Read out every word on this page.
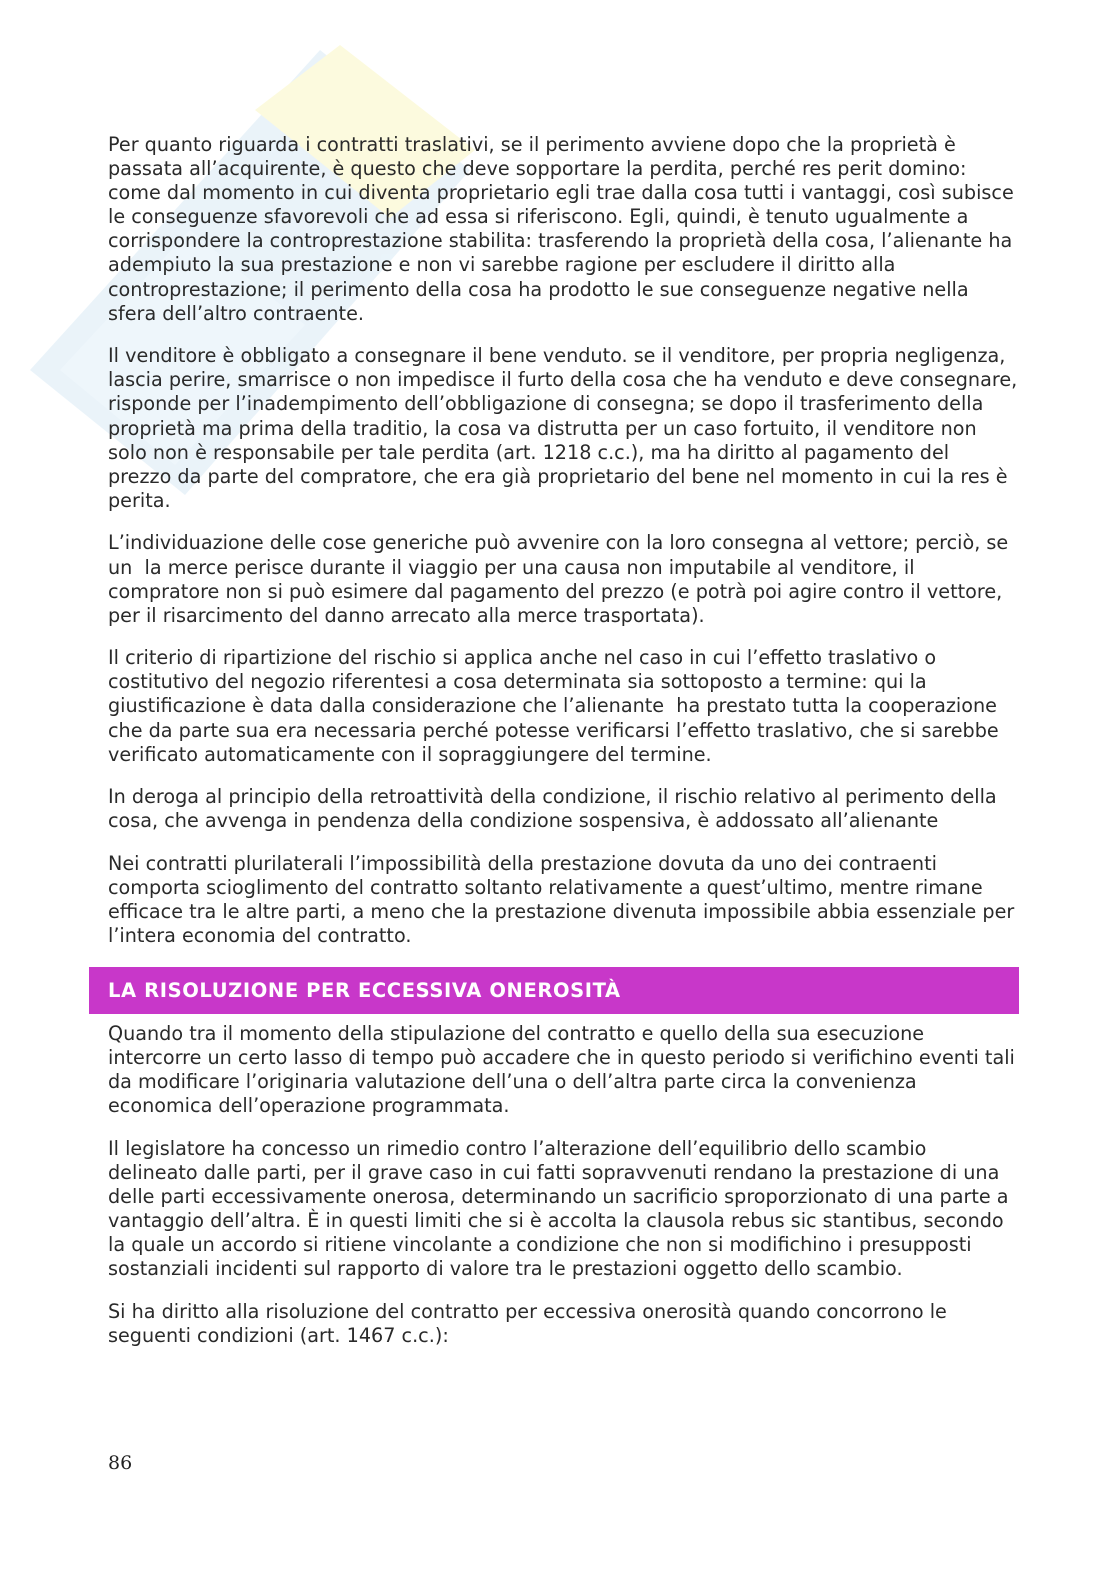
Per quanto riguarda i contratti traslativi, se il perimento avviene dopo che la proprietà è passata all’acquirente, è questo che deve sopportare la perdita, perché res perit domino: come dal momento in cui diventa proprietario egli trae dalla cosa tutti i vantaggi, così subisce le conseguenze sfavorevoli che ad essa si riferiscono. Egli, quindi, è tenuto ugualmente a corrispondere la controprestazione stabilita: trasferendo la proprietà della cosa, l’alienante ha adempiuto la sua prestazione e non vi sarebbe ragione per escludere il diritto alla controprestazione; il perimento della cosa ha prodotto le sue conseguenze negative nella sfera dell’altro contraente.

Il venditore è obbligato a consegnare il bene venduto. se il venditore, per propria negligenza, lascia perire, smarrisce o non impedisce il furto della cosa che ha venduto e deve consegnare, risponde per l’inadempimento dell’obbligazione di consegna; se dopo il trasferimento della proprietà ma prima della traditio, la cosa va distrutta per un caso fortuito, il venditore non solo non è responsabile per tale perdita (art. 1218 c.c.), ma ha diritto al pagamento del prezzo da parte del compratore, che era già proprietario del bene nel momento in cui la res è perita.

L’individuazione delle cose generiche può avvenire con la loro consegna al vettore; perciò, se un  la merce perisce durante il viaggio per una causa non imputabile al venditore, il compratore non si può esimere dal pagamento del prezzo (e potrà poi agire contro il vettore, per il risarcimento del danno arrecato alla merce trasportata).

Il criterio di ripartizione del rischio si applica anche nel caso in cui l’effetto traslativo o costitutivo del negozio riferentesi a cosa determinata sia sottoposto a termine: qui la giustificazione è data dalla considerazione che l’alienante  ha prestato tutta la cooperazione che da parte sua era necessaria perché potesse verificarsi l’effetto traslativo, che si sarebbe verificato automaticamente con il sopraggiungere del termine.

In deroga al principio della retroattività della condizione, il rischio relativo al perimento della cosa, che avvenga in pendenza della condizione sospensiva, è addossato all’alienante

Nei contratti plurilaterali l’impossibilità della prestazione dovuta da uno dei contraenti comporta scioglimento del contratto soltanto relativamente a quest’ultimo, mentre rimane efficace tra le altre parti, a meno che la prestazione divenuta impossibile abbia essenziale per l’intera economia del contratto.

LA RISOLUZIONE PER ECCESSIVA ONEROSITÀ

Quando tra il momento della stipulazione del contratto e quello della sua esecuzione intercorre un certo lasso di tempo può accadere che in questo periodo si verifichino eventi tali da modificare l’originaria valutazione dell’una o dell’altra parte circa la convenienza economica dell’operazione programmata.

Il legislatore ha concesso un rimedio contro l’alterazione dell’equilibrio dello scambio delineato dalle parti, per il grave caso in cui fatti sopravvenuti rendano la prestazione di una delle parti eccessivamente onerosa, determinando un sacrificio sproporzionato di una parte a vantaggio dell’altra. È in questi limiti che si è accolta la clausola rebus sic stantibus, secondo la quale un accordo si ritiene vincolante a condizione che non si modifichino i presupposti sostanziali incidenti sul rapporto di valore tra le prestazioni oggetto dello scambio.

Si ha diritto alla risoluzione del contratto per eccessiva onerosità quando concorrono le seguenti condizioni (art. 1467 c.c.):

86
